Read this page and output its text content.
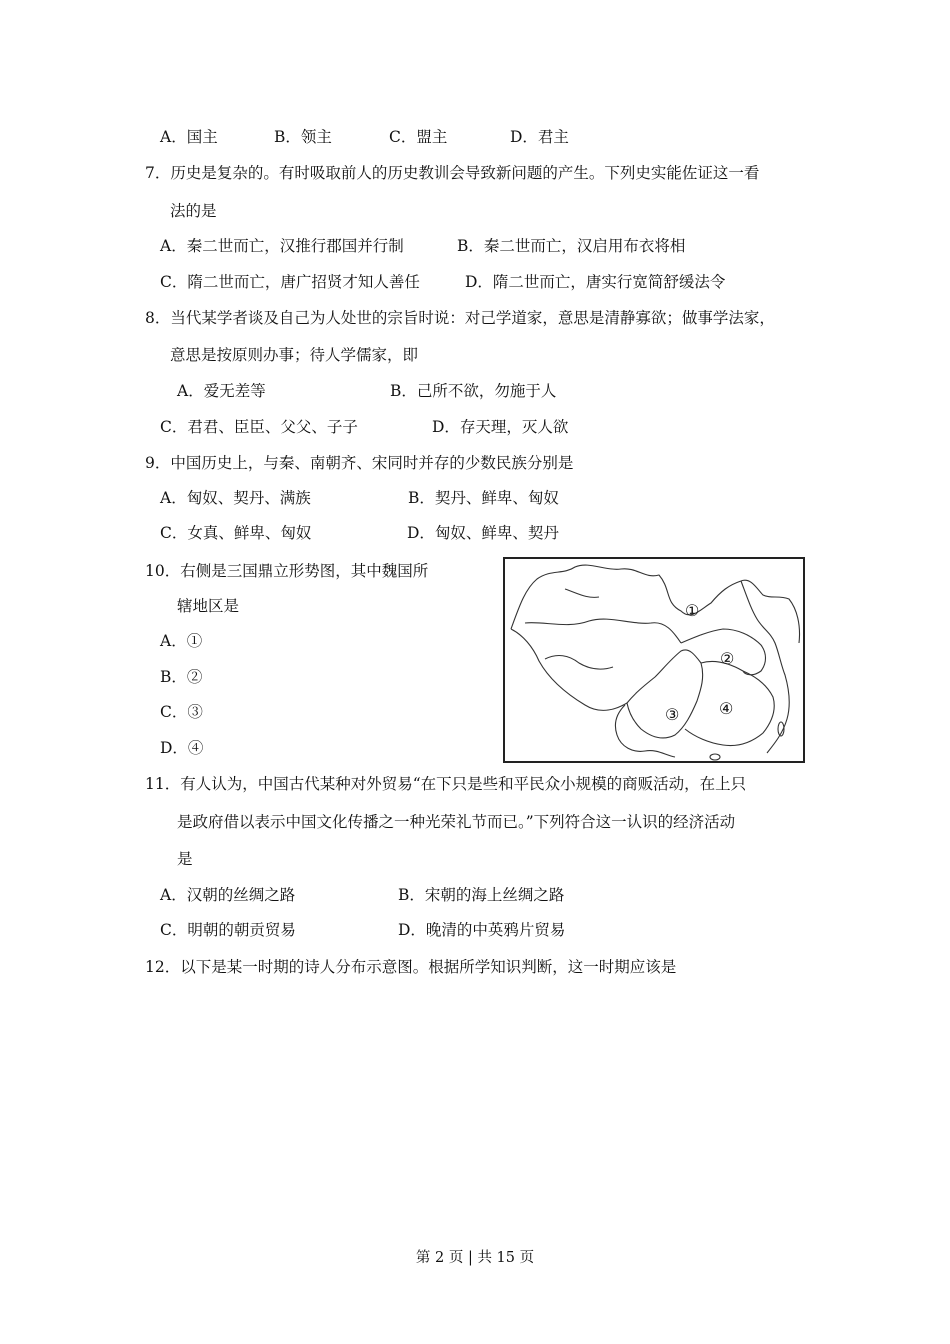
A．国主	B．领主	C．盟主	D．君主
7．历史是复杂的。有时吸取前人的历史教训会导致新问题的产生。下列史实能佐证这一看
法的是
A．秦二世而亡，汉推行郡国并行制	B．秦二世而亡，汉启用布衣将相
C．隋二世而亡，唐广招贤才知人善任	D．隋二世而亡，唐实行宽简舒缓法令
8．当代某学者谈及自己为人处世的宗旨时说：对己学道家，意思是清静寡欲；做事学法家，
意思是按原则办事；待人学儒家，即
A．爱无差等	B．己所不欲，勿施于人
C．君君、臣臣、父父、子子	D．存天理，灭人欲
9．中国历史上，与秦、南朝齐、宋同时并存的少数民族分别是
A．匈奴、契丹、满族	B．契丹、鲜卑、匈奴
C．女真、鲜卑、匈奴	D．匈奴、鲜卑、契丹
10．右侧是三国鼎立形势图，其中魏国所
辖地区是
A．①
B．②
C．③
D．④
①
②
③ ④
11．有人认为，中国古代某种对外贸易“在下只是些和平民众小规模的商贩活动，在上只
是政府借以表示中国文化传播之一种光荣礼节而已。”下列符合这一认识的经济活动
是
A．汉朝的丝绸之路	B．宋朝的海上丝绸之路
C．明朝的朝贡贸易	D．晚清的中英鸦片贸易
12．以下是某一时期的诗人分布示意图。根据所学知识判断，这一时期应该是
第 2 页 | 共 15 页
